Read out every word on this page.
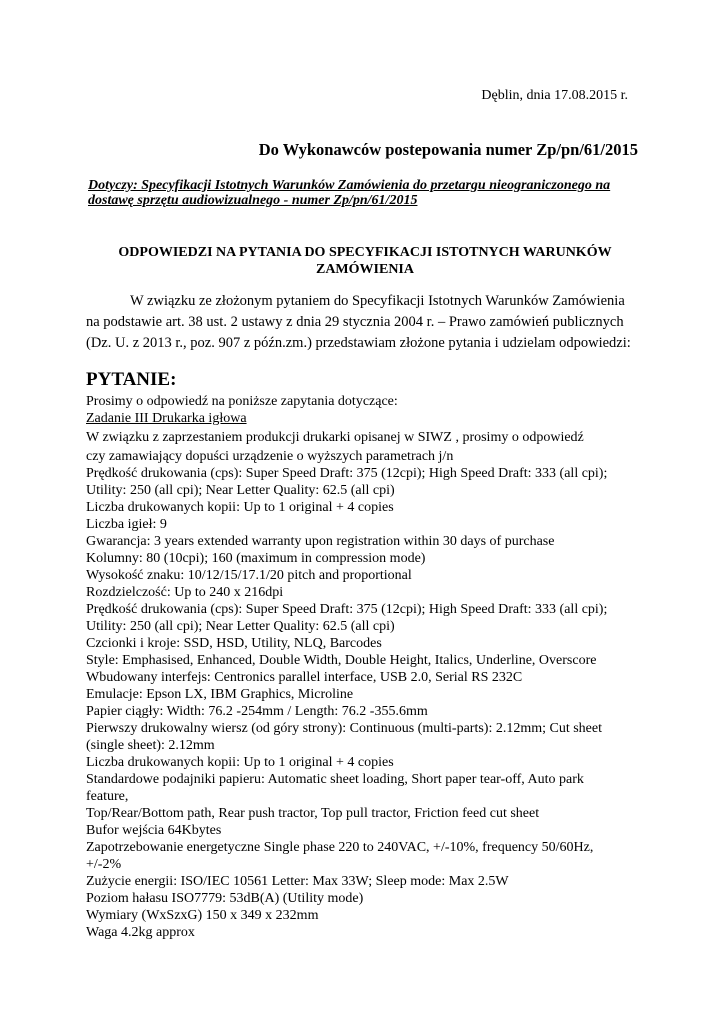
Dęblin, dnia 17.08.2015 r.
Do Wykonawców postepowania numer Zp/pn/61/2015
Dotyczy: Specyfikacji Istotnych Warunków Zamówienia do przetargu nieograniczonego na
dostawę sprzętu audiowizualnego - numer Zp/pn/61/2015
ODPOWIEDZI NA PYTANIA DO SPECYFIKACJI ISTOTNYCH WARUNKÓW
ZAMÓWIENIA
W związku ze złożonym pytaniem do Specyfikacji Istotnych Warunków Zamówienia
na podstawie art. 38 ust. 2 ustawy z dnia 29 stycznia 2004 r. – Prawo zamówień publicznych
(Dz. U. z 2013 r., poz. 907 z późn.zm.) przedstawiam złożone pytania i udzielam odpowiedzi:
PYTANIE:
Prosimy o odpowiedź na poniższe zapytania dotyczące:
Zadanie III Drukarka igłowa
W związku z zaprzestaniem produkcji drukarki opisanej w SIWZ , prosimy o odpowiedź
czy zamawiający dopuści urządzenie o wyższych parametrach j/n
Prędkość drukowania (cps): Super Speed Draft: 375 (12cpi); High Speed Draft: 333 (all cpi);
Utility: 250 (all cpi); Near Letter Quality: 62.5 (all cpi)
Liczba drukowanych kopii: Up to 1 original + 4 copies
Liczba igieł: 9
Gwarancja: 3 years extended warranty upon registration within 30 days of purchase
Kolumny: 80 (10cpi); 160 (maximum in compression mode)
Wysokość znaku: 10/12/15/17.1/20 pitch and proportional
Rozdzielczość: Up to 240 x 216dpi
Prędkość drukowania (cps): Super Speed Draft: 375 (12cpi); High Speed Draft: 333 (all cpi);
Utility: 250 (all cpi); Near Letter Quality: 62.5 (all cpi)
Czcionki i kroje: SSD, HSD, Utility, NLQ, Barcodes
Style: Emphasised, Enhanced, Double Width, Double Height, Italics, Underline, Overscore
Wbudowany interfejs: Centronics parallel interface, USB 2.0, Serial RS 232C
Emulacje: Epson LX, IBM Graphics, Microline
Papier ciągły: Width: 76.2 -254mm / Length: 76.2 -355.6mm
Pierwszy drukowalny wiersz (od góry strony): Continuous (multi-parts): 2.12mm; Cut sheet
(single sheet): 2.12mm
Liczba drukowanych kopii: Up to 1 original + 4 copies
Standardowe podajniki papieru: Automatic sheet loading, Short paper tear-off, Auto park
feature,
Top/Rear/Bottom path, Rear push tractor, Top pull tractor, Friction feed cut sheet
Bufor wejścia 64Kbytes
Zapotrzebowanie energetyczne Single phase 220 to 240VAC, +/-10%, frequency 50/60Hz,
+/-2%
Zużycie energii: ISO/IEC 10561 Letter: Max 33W; Sleep mode: Max 2.5W
Poziom hałasu ISO7779: 53dB(A) (Utility mode)
Wymiary (WxSzxG) 150 x 349 x 232mm
Waga 4.2kg approx
